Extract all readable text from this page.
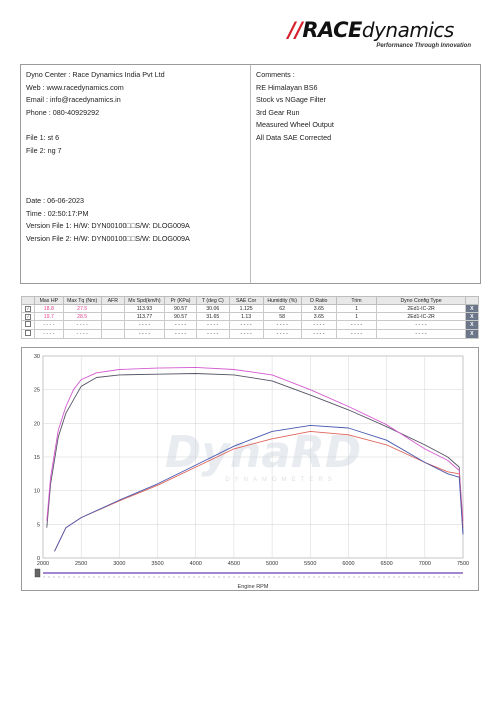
//RACEdynamics
Performance Through Innovation
Dyno Center : Race Dynamics India Pvt Ltd
Web : www.racedynamics.com
Email : info@racedynamics.in
Phone : 080-40929292
File 1: st 6
File 2: ng 7
Date : 06-06-2023
Time : 02:50:17:PM
Version File 1: H/W: DYN00100□□S/W: DLOG009A
Version File 2: H/W: DYN00100□□S/W: DLOG009A
Comments :
RE Himalayan BS6
Stock vs NGage Filter
3rd Gear Run
Measured Wheel Output
All Data SAE Corrected
	Max HP	Max Tq (Nm)	AFR	Mx Spd(km/h)	Pr (KPa)	T (deg C)	SAE Cor	Humidity (%)	D Ratio	Trim	Dyno Config Type	
✓	18.8	27.5		113.93	90.57	30.06	1.125	62	3.65	1	2Ed1-IC-2R	X
✓	19.7	28.5		113.77	90.57	31.65	1.13	58	3.65	1	2Ed1-IC-2R	X
	- - - -	- - - -		- - - -	- - - -	- - - -	- - - -	- - - -	- - - -	- - - -	- - - -	X
	- - - -	- - - -		- - - -	- - - -	- - - -	- - - -	- - - -	- - - -	- - - -	- - - -	X
DynaRD
DYNAMOMETERS
0
5
10
15
20
25
30
2000	2500	3000	3500	4000	4500	5000	5500	6000	6500	7000	7500
Engine RPM
